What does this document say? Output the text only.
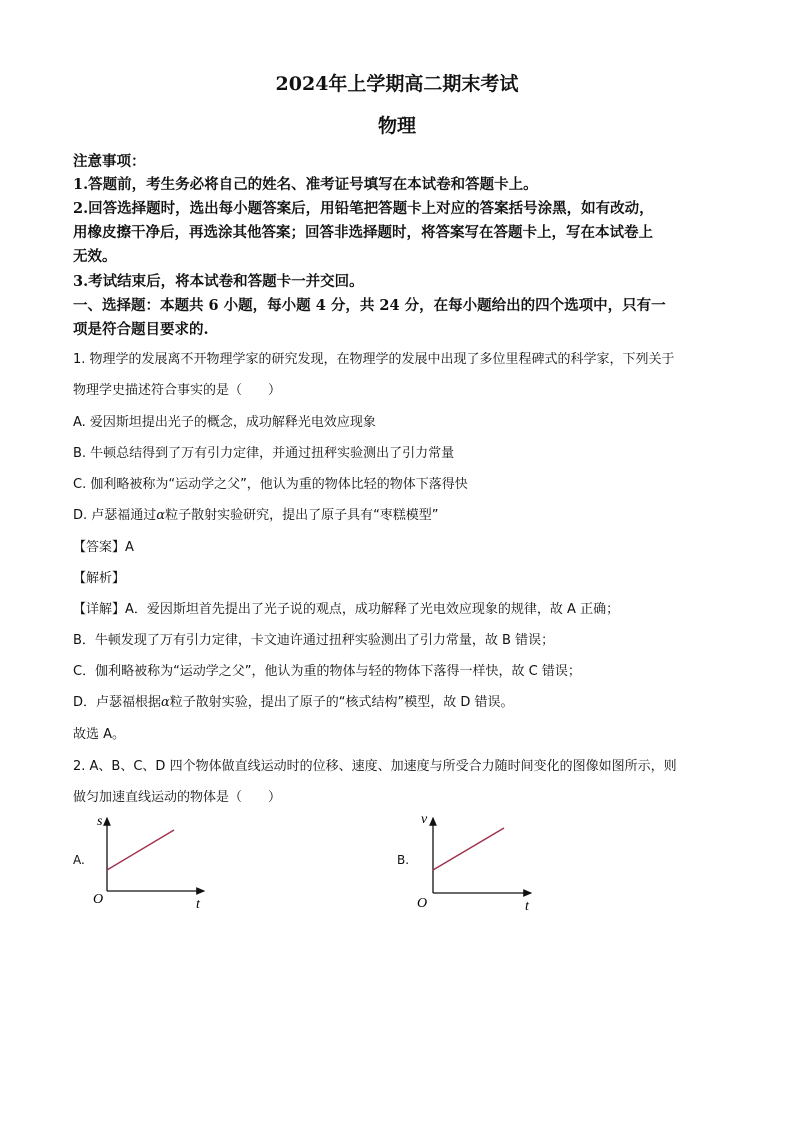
2024年上学期高二期末考试
物理
注意事项：
1.答题前，考生务必将自己的姓名、准考证号填写在本试卷和答题卡上。
2.回答选择题时，选出每小题答案后，用铅笔把答题卡上对应的答案括号涂黑，如有改动，
用橡皮擦干净后，再选涂其他答案；回答非选择题时，将答案写在答题卡上，写在本试卷上
无效。
3.考试结束后，将本试卷和答题卡一并交回。
一、选择题：本题共 6 小题，每小题 4 分，共 24 分，在每小题给出的四个选项中，只有一
项是符合题目要求的.
1. 物理学的发展离不开物理学家的研究发现，在物理学的发展中出现了多位里程碑式的科学家，下列关于
物理学史描述符合事实的是（　　）
A. 爱因斯坦提出光子的概念，成功解释光电效应现象
B. 牛顿总结得到了万有引力定律，并通过扭秤实验测出了引力常量
C. 伽利略被称为“运动学之父”，他认为重的物体比轻的物体下落得快
D. 卢瑟福通过α粒子散射实验研究，提出了原子具有“枣糕模型”
【答案】A
【解析】
【详解】A．爱因斯坦首先提出了光子说的观点，成功解释了光电效应现象的规律，故 A 正确；
B．牛顿发现了万有引力定律，卡文迪许通过扭秤实验测出了引力常量，故 B 错误；
C．伽利略被称为“运动学之父”，他认为重的物体与轻的物体下落得一样快，故 C 错误；
D．卢瑟福根据α粒子散射实验，提出了原子的“核式结构”模型，故 D 错误。
故选 A。
2. A、B、C、D 四个物体做直线运动时的位移、速度、加速度与所受合力随时间变化的图像如图所示，则
做匀加速直线运动的物体是（　　）
A.
s
t
O
B.
v
t
O
